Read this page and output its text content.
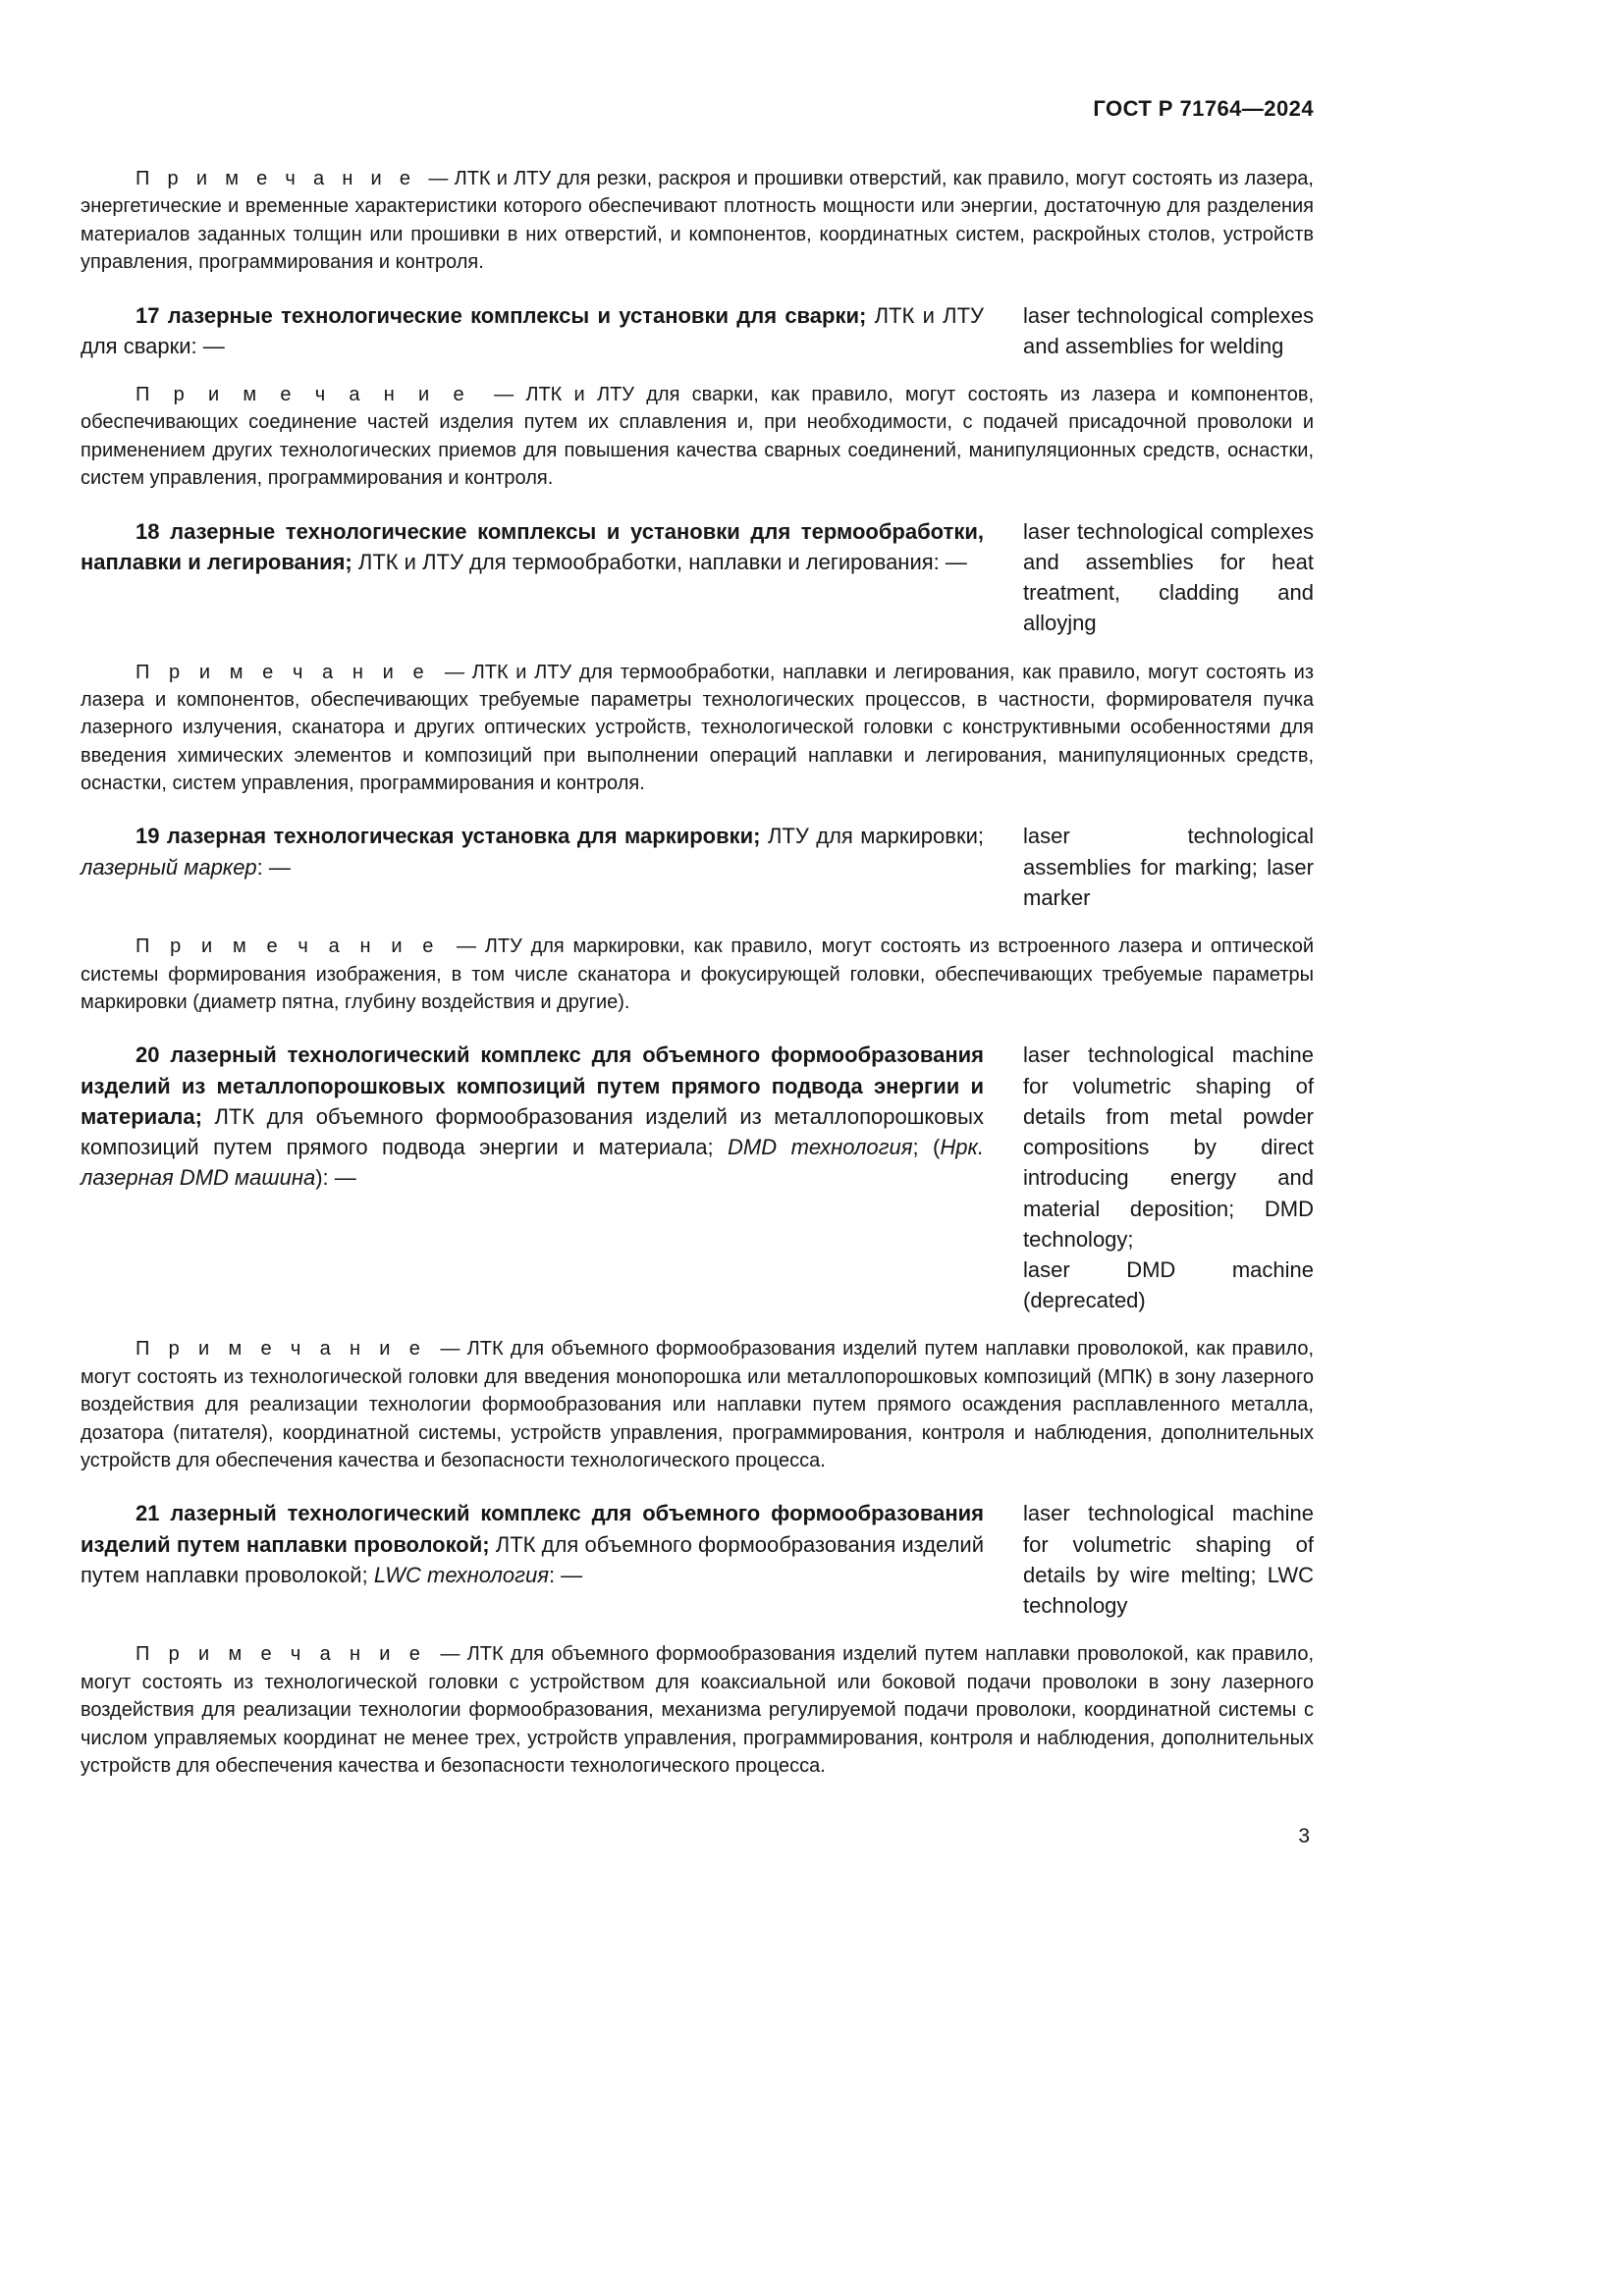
ГОСТ Р 71764—2024

П р и м е ч а н и е — ЛТК и ЛТУ для резки, раскроя и прошивки отверстий, как правило, могут состоять из лазера, энергетические и временные характеристики которого обеспечивают плотность мощности или энергии, достаточную для разделения материалов заданных толщин или прошивки в них отверстий, и компонентов, координатных систем, раскройных столов, устройств управления, программирования и контроля.

17 лазерные технологические комплексы и установки для сварки; ЛТК и ЛТУ для сварки: —

laser technological complexes and assemblies for welding

П р и м е ч а н и е — ЛТК и ЛТУ для сварки, как правило, могут состоять из лазера и компонентов, обеспечивающих соединение частей изделия путем их сплавления и, при необходимости, с подачей присадочной проволоки и применением других технологических приемов для повышения качества сварных соединений, манипуляционных средств, оснастки, систем управления, программирования и контроля.

18 лазерные технологические комплексы и установки для термообработки, наплавки и легирования; ЛТК и ЛТУ для термообработки, наплавки и легирования: —

laser technological complexes and assemblies for heat treatment, cladding and alloyjng

П р и м е ч а н и е — ЛТК и ЛТУ для термообработки, наплавки и легирования, как правило, могут состоять из лазера и компонентов, обеспечивающих требуемые параметры технологических процессов, в частности, формирователя пучка лазерного излучения, сканатора и других оптических устройств, технологической головки с конструктивными особенностями для введения химических элементов и композиций при выполнении операций наплавки и легирования, манипуляционных средств, оснастки, систем управления, программирования и контроля.

19 лазерная технологическая установка для маркировки; ЛТУ для маркировки; лазерный маркер: —

laser technological assemblies for marking; laser marker

П р и м е ч а н и е — ЛТУ для маркировки, как правило, могут состоять из встроенного лазера и оптической системы формирования изображения, в том числе сканатора и фокусирующей головки, обеспечивающих требуемые параметры маркировки (диаметр пятна, глубину воздействия и другие).

20 лазерный технологический комплекс для объемного формообразования изделий из металлопорошковых композиций путем прямого подвода энергии и материала; ЛТК для объемного формообразования изделий из металлопорошковых композиций путем прямого подвода энергии и материала; DMD технология; (Нрк. лазерная DMD машина): —

laser technological machine for volumetric shaping of details from metal powder compositions by direct introducing energy and material deposition; DMD technology;

laser DMD machine (deprecated)

П р и м е ч а н и е — ЛТК для объемного формообразования изделий путем наплавки проволокой, как правило, могут состоять из технологической головки для введения монопорошка или металлопорошковых композиций (МПК) в зону лазерного воздействия для реализации технологии формообразования или наплавки путем прямого осаждения расплавленного металла, дозатора (питателя), координатной системы, устройств управления, программирования, контроля и наблюдения, дополнительных устройств для обеспечения качества и безопасности технологического процесса.

21 лазерный технологический комплекс для объемного формообразования изделий путем наплавки проволокой; ЛТК для объемного формообразования изделий путем наплавки проволокой; LWC технология: —

laser technological machine for volumetric shaping of details by wire melting; LWC technology

П р и м е ч а н и е — ЛТК для объемного формообразования изделий путем наплавки проволокой, как правило, могут состоять из технологической головки с устройством для коаксиальной или боковой подачи проволоки в зону лазерного воздействия для реализации технологии формообразования, механизма регулируемой подачи проволоки, координатной системы с числом управляемых координат не менее трех, устройств управления, программирования, контроля и наблюдения, дополнительных устройств для обеспечения качества и безопасности технологического процесса.

3
